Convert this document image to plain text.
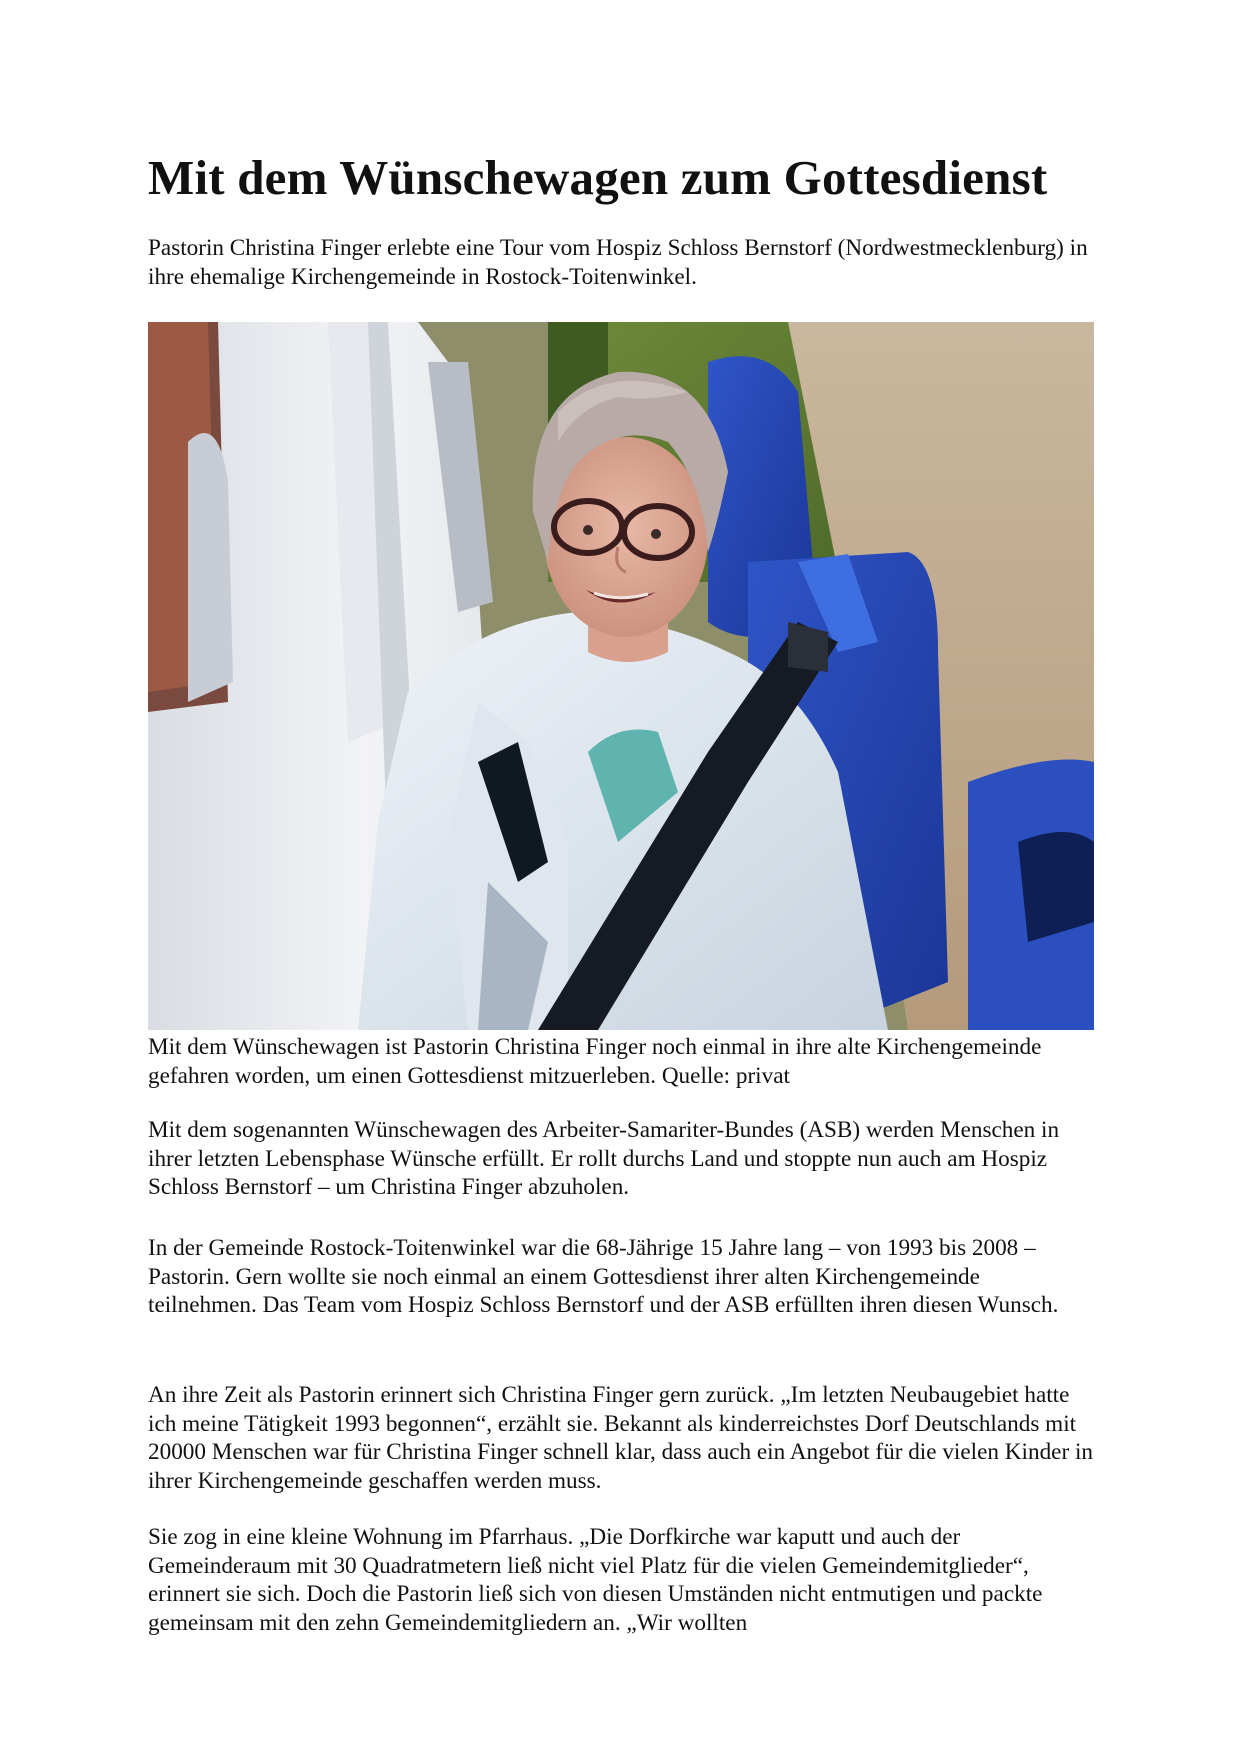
Mit dem Wünschewagen zum Gottesdienst

Pastorin Christina Finger erlebte eine Tour vom Hospiz Schloss Bernstorf (Nordwestmecklenburg) in ihre ehemalige Kirchengemeinde in Rostock-Toitenwinkel.

Mit dem Wünschewagen ist Pastorin Christina Finger noch einmal in ihre alte Kirchengemeinde gefahren worden, um einen Gottesdienst mitzuerleben. Quelle: privat

Mit dem sogenannten Wünschewagen des Arbeiter-Samariter-Bundes (ASB) werden Menschen in ihrer letzten Lebensphase Wünsche erfüllt. Er rollt durchs Land und stoppte nun auch am Hospiz Schloss Bernstorf – um Christina Finger abzuholen.

In der Gemeinde Rostock-Toitenwinkel war die 68-Jährige 15 Jahre lang – von 1993 bis 2008 – Pastorin. Gern wollte sie noch einmal an einem Gottesdienst ihrer alten Kirchengemeinde teilnehmen. Das Team vom Hospiz Schloss Bernstorf und der ASB erfüllten ihren diesen Wunsch.

An ihre Zeit als Pastorin erinnert sich Christina Finger gern zurück. „Im letzten Neubaugebiet hatte ich meine Tätigkeit 1993 begonnen“, erzählt sie. Bekannt als kinderreichstes Dorf Deutschlands mit 20000 Menschen war für Christina Finger schnell klar, dass auch ein Angebot für die vielen Kinder in ihrer Kirchengemeinde geschaffen werden muss.

Sie zog in eine kleine Wohnung im Pfarrhaus. „Die Dorfkirche war kaputt und auch der Gemeinderaum mit 30 Quadratmetern ließ nicht viel Platz für die vielen Gemeindemitglieder“, erinnert sie sich. Doch die Pastorin ließ sich von diesen Umständen nicht entmutigen und packte gemeinsam mit den zehn Gemeindemitgliedern an. „Wir wollten
